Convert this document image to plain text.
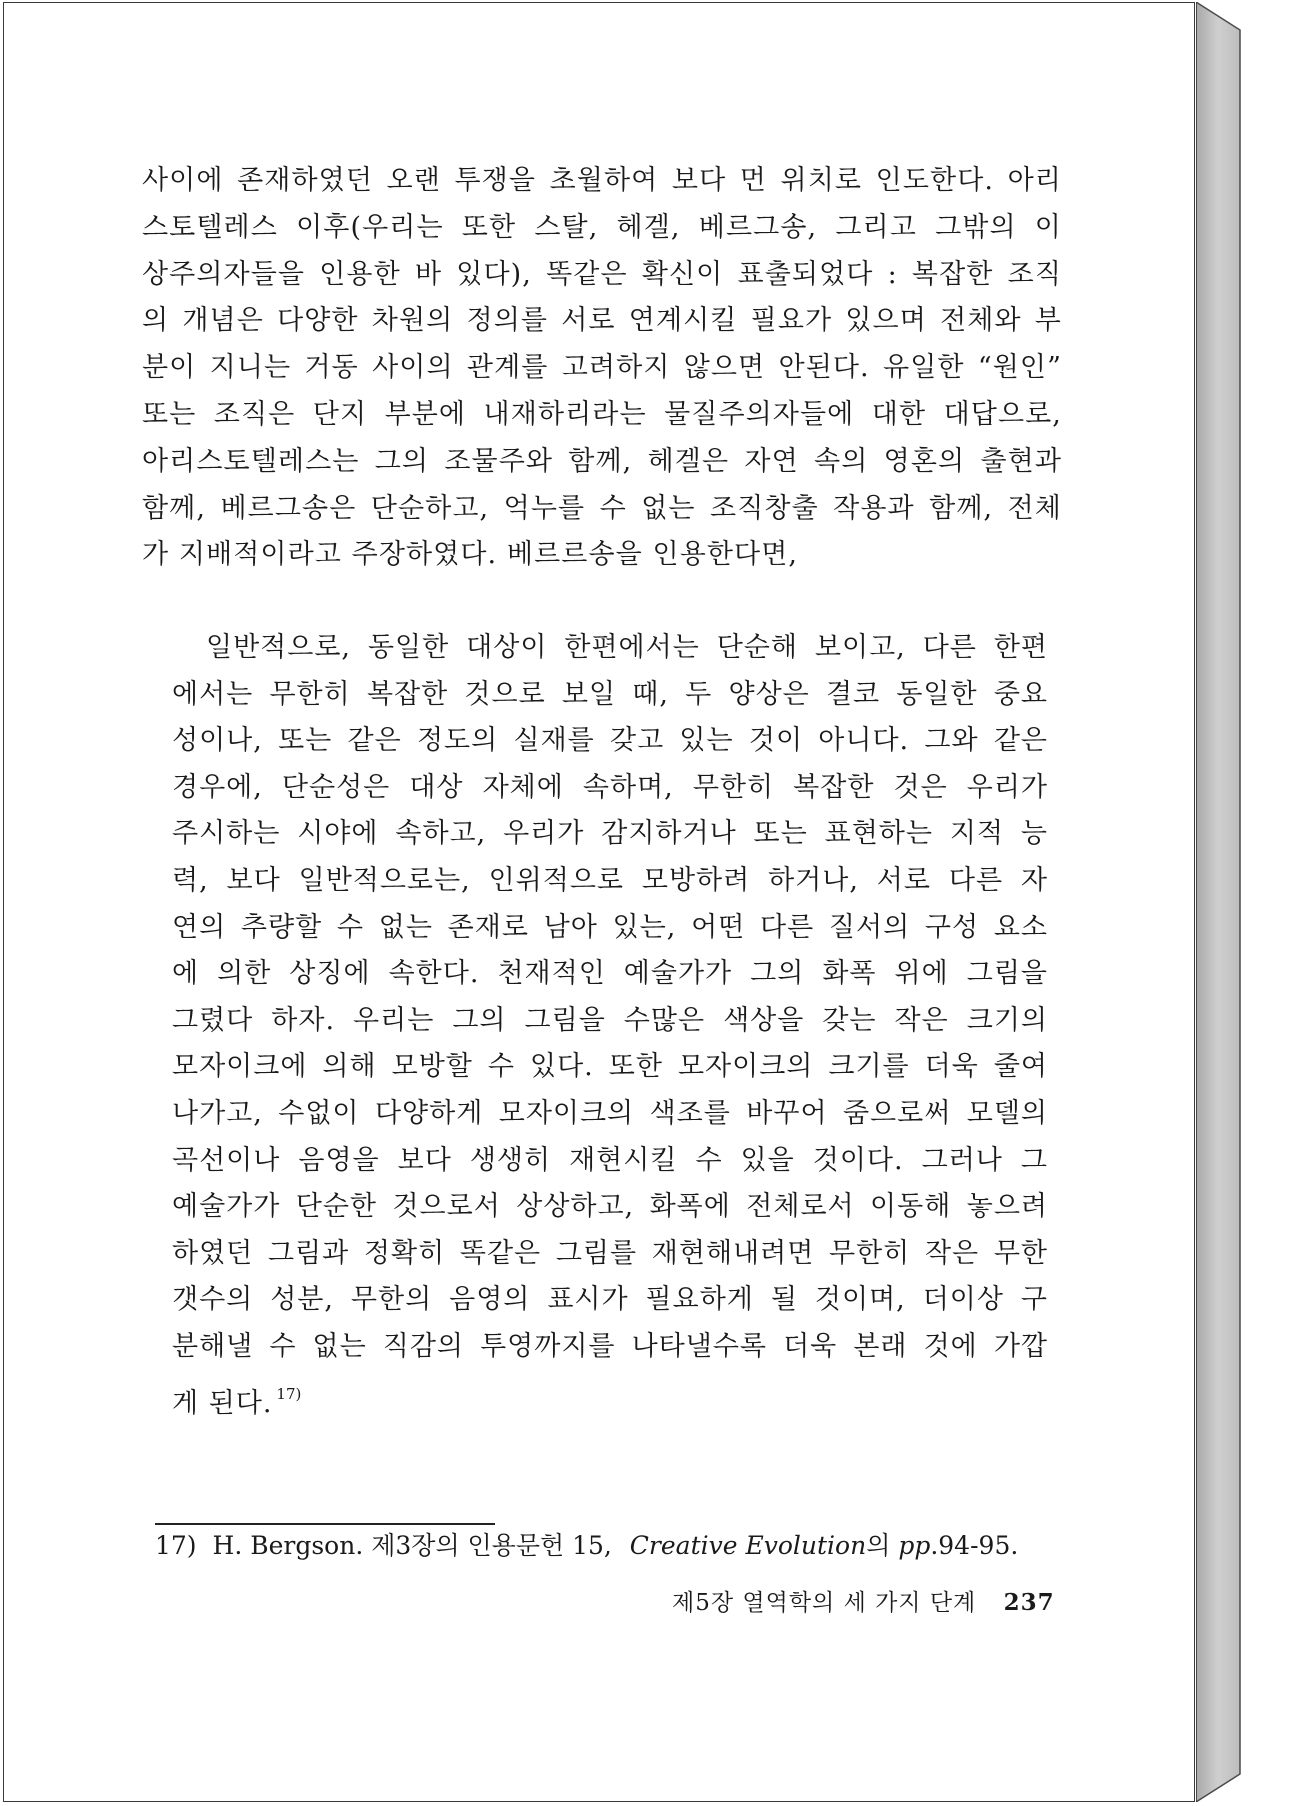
사이에 존재하였던 오랜 투쟁을 초월하여 보다 먼 위치로 인도한다. 아리
스토텔레스 이후(우리는 또한 스탈, 헤겔, 베르그송, 그리고 그밖의 이
상주의자들을 인용한 바 있다), 똑같은 확신이 표출되었다 : 복잡한 조직
의 개념은 다양한 차원의 정의를 서로 연계시킬 필요가 있으며 전체와 부
분이 지니는 거동 사이의 관계를 고려하지 않으면 안된다. 유일한 “원인”
또는 조직은 단지 부분에 내재하리라는 물질주의자들에 대한 대답으로,
아리스토텔레스는 그의 조물주와 함께, 헤겔은 자연 속의 영혼의 출현과
함께, 베르그송은 단순하고, 억누를 수 없는 조직창출 작용과 함께, 전체
가 지배적이라고 주장하였다. 베르르송을 인용한다면,
일반적으로, 동일한 대상이 한편에서는 단순해 보이고, 다른 한편
에서는 무한히 복잡한 것으로 보일 때, 두 양상은 결코 동일한 중요
성이나, 또는 같은 정도의 실재를 갖고 있는 것이 아니다. 그와 같은
경우에, 단순성은 대상 자체에 속하며, 무한히 복잡한 것은 우리가
주시하는 시야에 속하고, 우리가 감지하거나 또는 표현하는 지적 능
력, 보다 일반적으로는, 인위적으로 모방하려 하거나, 서로 다른 자
연의 추량할 수 없는 존재로 남아 있는, 어떤 다른 질서의 구성 요소
에 의한 상징에 속한다. 천재적인 예술가가 그의 화폭 위에 그림을
그렸다 하자. 우리는 그의 그림을 수많은 색상을 갖는 작은 크기의
모자이크에 의해 모방할 수 있다. 또한 모자이크의 크기를 더욱 줄여
나가고, 수없이 다양하게 모자이크의 색조를 바꾸어 줌으로써 모델의
곡선이나 음영을 보다 생생히 재현시킬 수 있을 것이다. 그러나 그
예술가가 단순한 것으로서 상상하고, 화폭에 전체로서 이동해 놓으려
하였던 그림과 정확히 똑같은 그림를 재현해내려면 무한히 작은 무한
갯수의 성분, 무한의 음영의 표시가 필요하게 될 것이며, 더이상 구
분해낼 수 없는 직감의 투영까지를 나타낼수록 더욱 본래 것에 가깝
게 된다. $^{17)}$
17) H. Bergson. 제3장의 인용문헌 15, Creative Evolution의 pp.94-95.
제5장 열역학의 세 가지 단계 237
